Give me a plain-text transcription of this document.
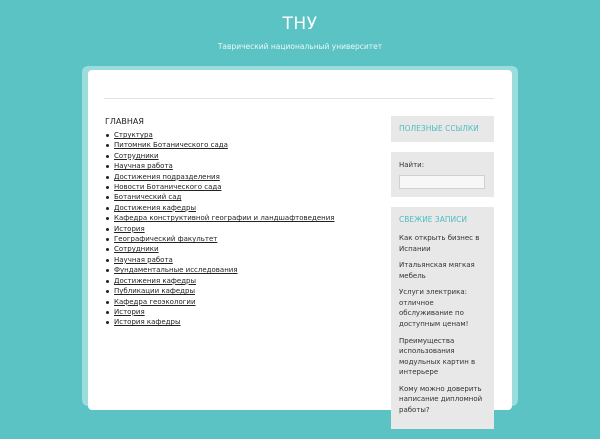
ТНУ
Таврический национальный университет
ГЛАВНАЯ
Структура
Питомник Ботанического сада
Сотрудники
Научная работа
Достижения подразделения
Новости Ботанического сада
Ботанический сад
Достижения кафедры
Кафедра конструктивной географии и ландшафтоведения
История
Географический факультет
Сотрудники
Научная работа
Фундаментальные исследования
Достижения кафедры
Публикации кафедры
Кафедра геоэкологии
История
История кафедры
ПОЛЕЗНЫЕ ССЫЛКИ
Найти:
СВЕЖИЕ ЗАПИСИ
Как открыть бизнес в Испании
Итальянская мягкая мебель
Услуги электрика: отличное обслуживание по доступным ценам!
Преимущества использования модульных картин в интерьере
Кому можно доверить написание дипломной работы?
